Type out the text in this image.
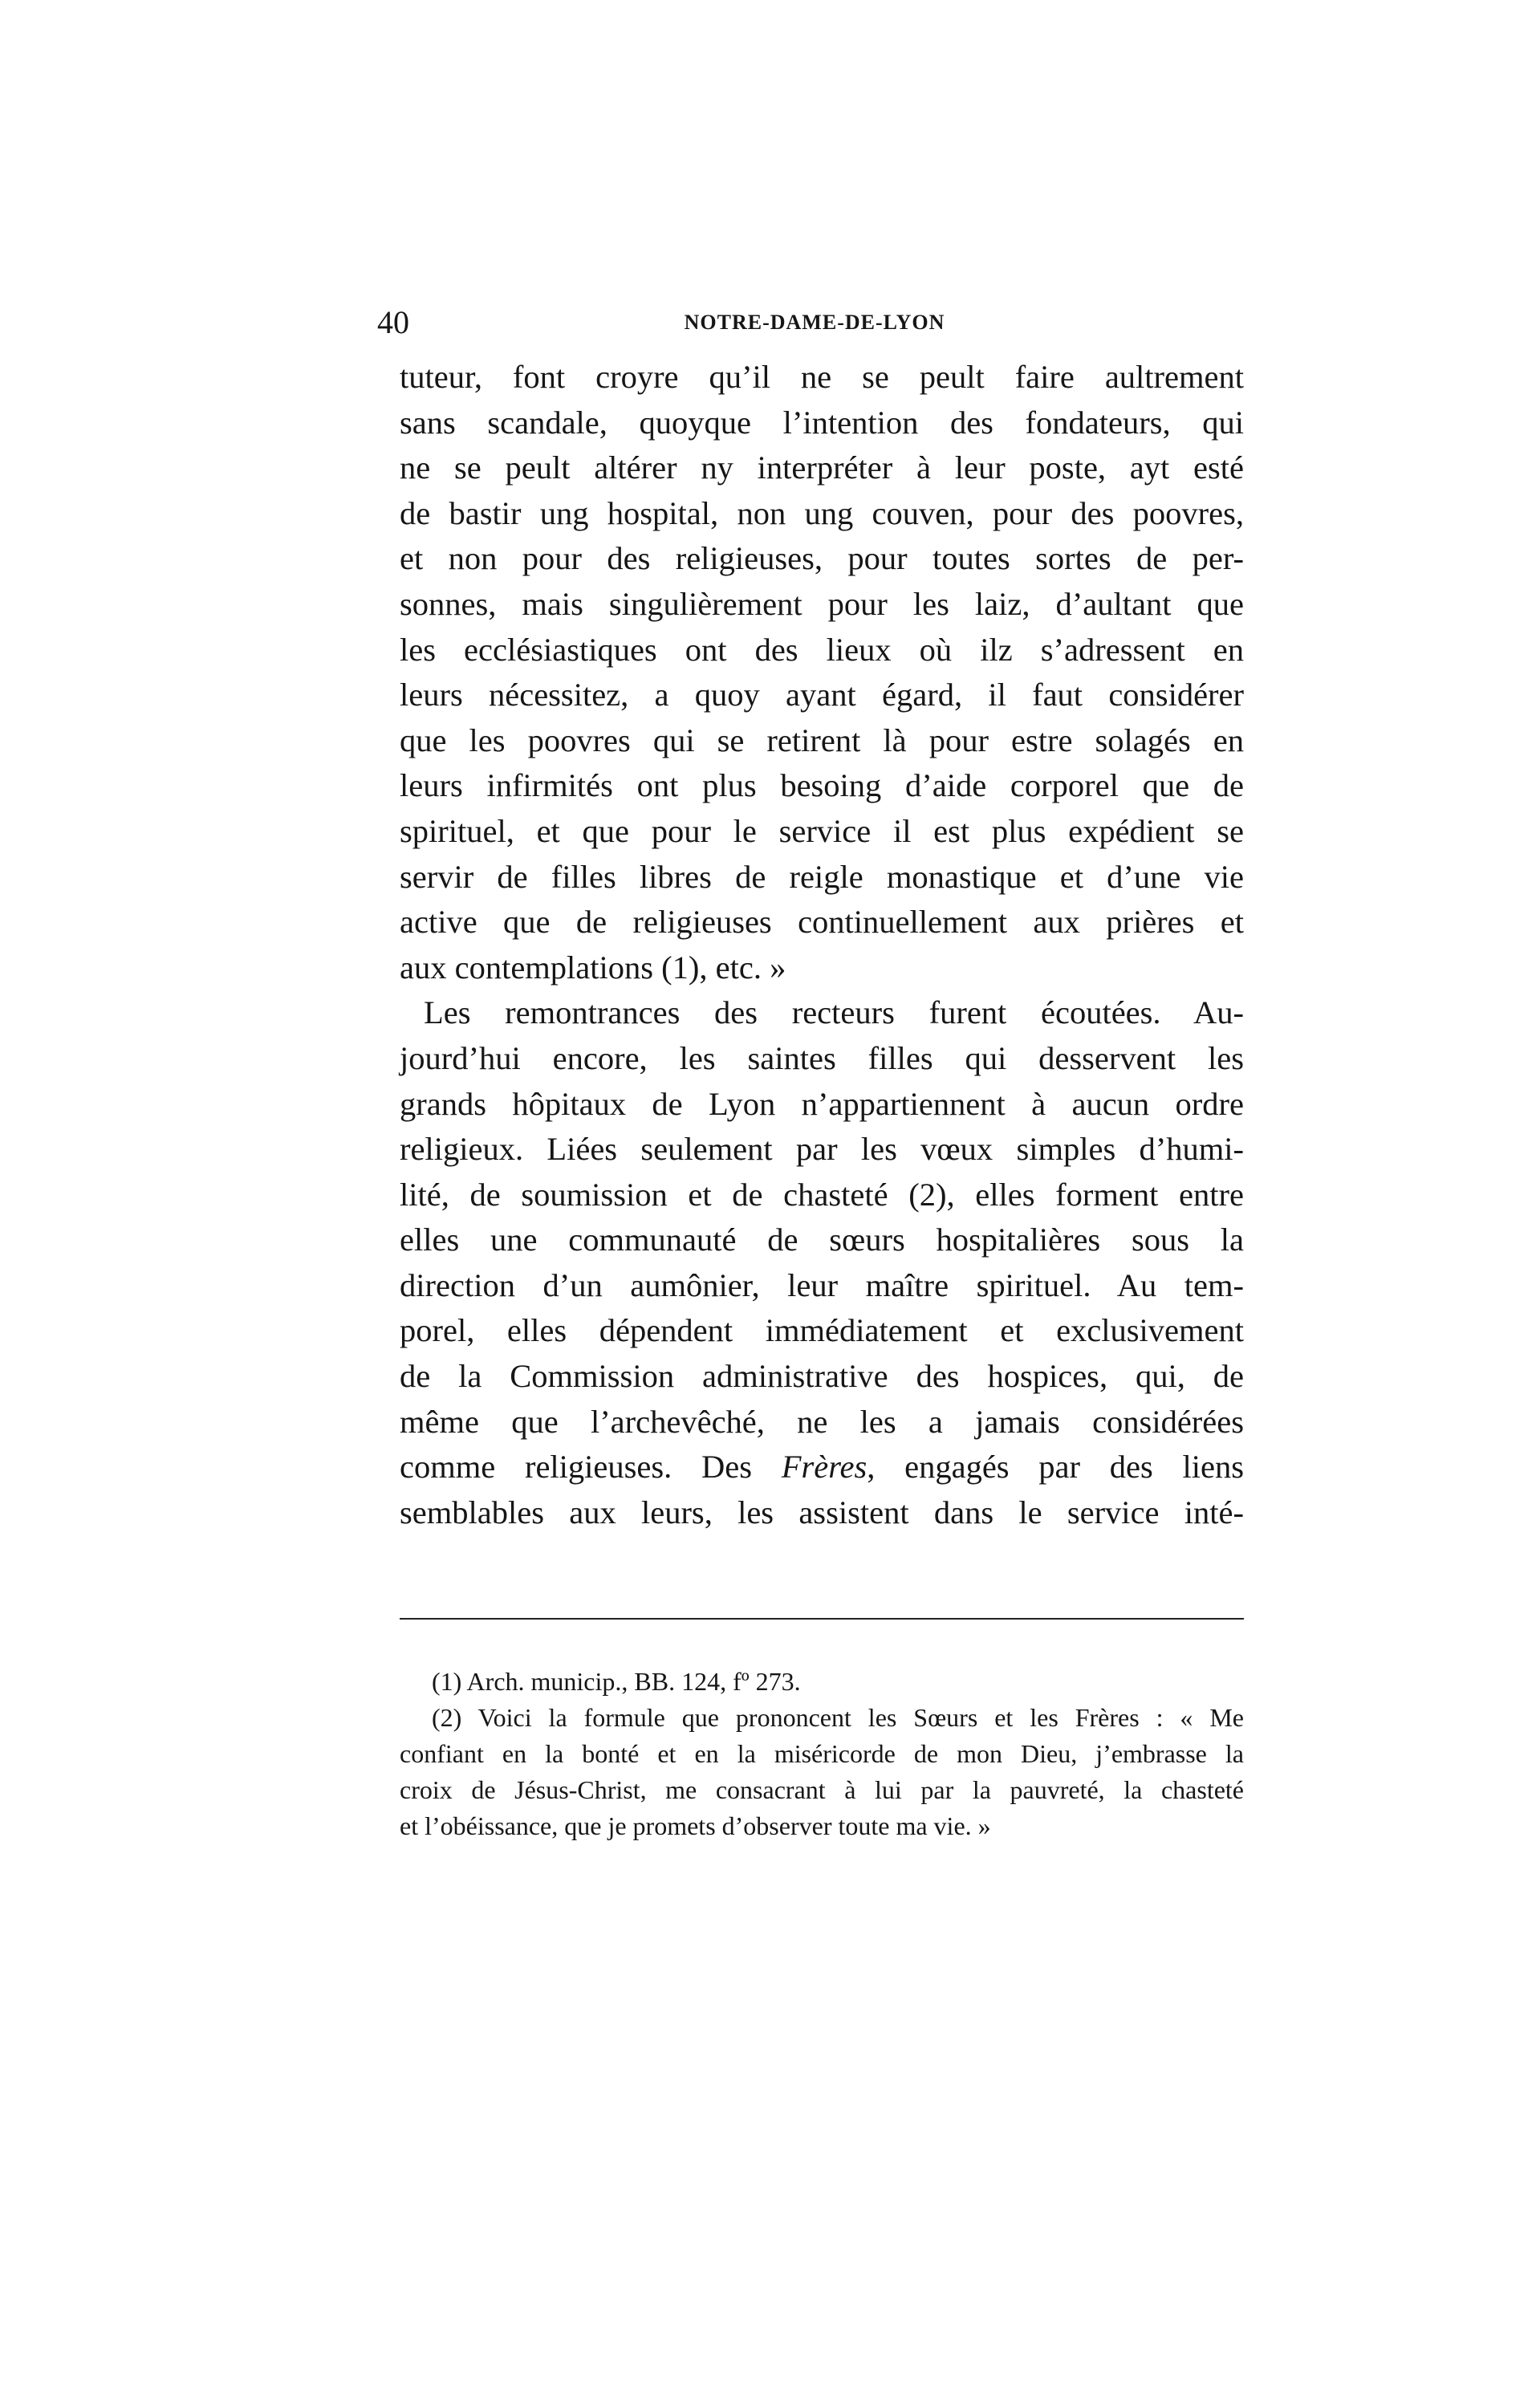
40	NOTRE-DAME-DE-LYON
tuteur, font croyre qu’il ne se peult faire aultrement
sans scandale, quoyque l’intention des fondateurs, qui
ne se peult altérer ny interpréter à leur poste, ayt esté
de bastir ung hospital, non ung couven, pour des poovres,
et non pour des religieuses, pour toutes sortes de per-
sonnes, mais singulièrement pour les laiz, d’aultant que
les ecclésiastiques ont des lieux où ilz s’adressent en
leurs nécessitez, a quoy ayant égard, il faut considérer
que les poovres qui se retirent là pour estre solagés en
leurs infirmités ont plus besoing d’aide corporel que de
spirituel, et que pour le service il est plus expédient se
servir de filles libres de reigle monastique et d’une vie
active que de religieuses continuellement aux prières et
aux contemplations (1), etc. »
Les remontrances des recteurs furent écoutées. Au-
jourd’hui encore, les saintes filles qui desservent les
grands hôpitaux de Lyon n’appartiennent à aucun ordre
religieux. Liées seulement par les vœux simples d’humi-
lité, de soumission et de chasteté (2), elles forment entre
elles une communauté de sœurs hospitalières sous la
direction d’un aumônier, leur maître spirituel. Au tem-
porel, elles dépendent immédiatement et exclusivement
de la Commission administrative des hospices, qui, de
même que l’archevêché, ne les a jamais considérées
comme religieuses. Des Frères, engagés par des liens
semblables aux leurs, les assistent dans le service inté-
(1) Arch. municip., BB. 124, fº 273.
(2) Voici la formule que prononcent les Sœurs et les Frères : « Me
confiant en la bonté et en la miséricorde de mon Dieu, j’embrasse la
croix de Jésus-Christ, me consacrant à lui par la pauvreté, la chasteté
et l’obéissance, que je promets d’observer toute ma vie. »
